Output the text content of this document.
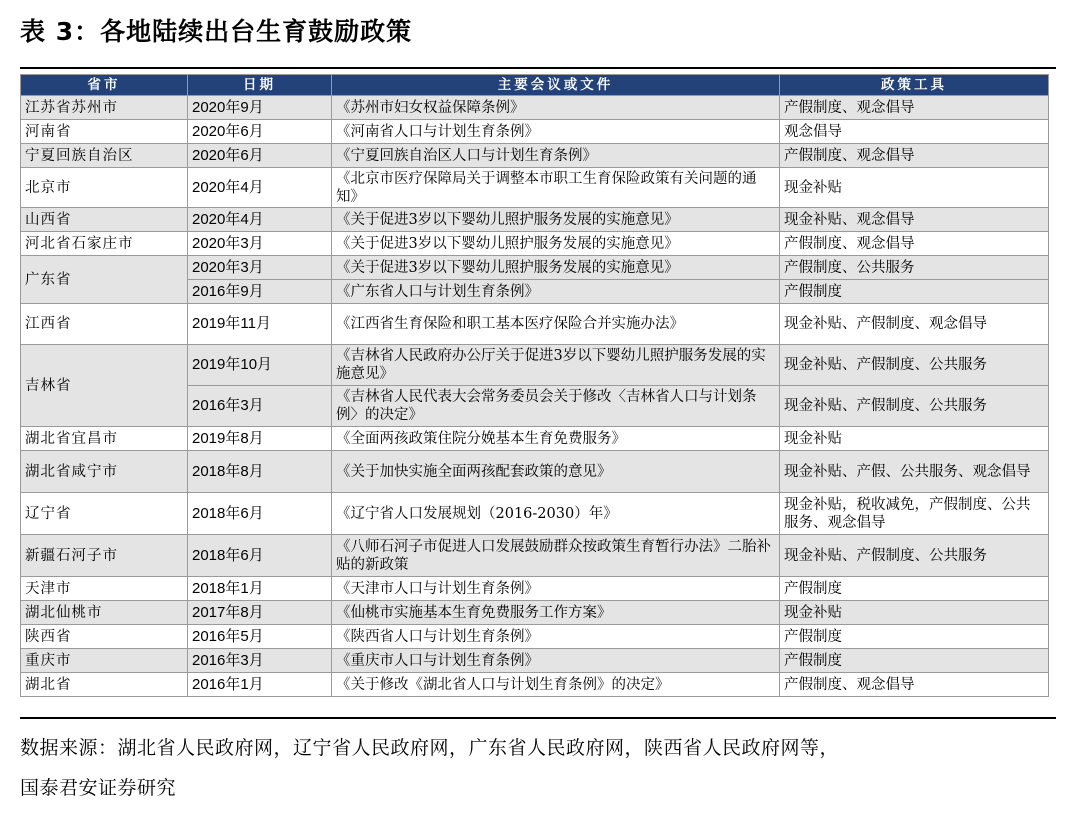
表 3：各地陆续出台生育鼓励政策
省市	日期	主要会议或文件	政策工具
江苏省苏州市	2020年9月	《苏州市妇女权益保障条例》	产假制度、观念倡导
河南省	2020年6月	《河南省人口与计划生育条例》	观念倡导
宁夏回族自治区	2020年6月	《宁夏回族自治区人口与计划生育条例》	产假制度、观念倡导
北京市	2020年4月	《北京市医疗保障局关于调整本市职工生育保险政策有关问题的通知》	现金补贴
山西省	2020年4月	《关于促进3岁以下婴幼儿照护服务发展的实施意见》	现金补贴、观念倡导
河北省石家庄市	2020年3月	《关于促进3岁以下婴幼儿照护服务发展的实施意见》	产假制度、观念倡导
广东省	2020年3月	《关于促进3岁以下婴幼儿照护服务发展的实施意见》	产假制度、公共服务
	2016年9月	《广东省人口与计划生育条例》	产假制度
江西省	2019年11月	《江西省生育保险和职工基本医疗保险合并实施办法》	现金补贴、产假制度、观念倡导
吉林省	2019年10月	《吉林省人民政府办公厅关于促进3岁以下婴幼儿照护服务发展的实施意见》	现金补贴、产假制度、公共服务
	2016年3月	《吉林省人民代表大会常务委员会关于修改〈吉林省人口与计划条例〉的决定》	现金补贴、产假制度、公共服务
湖北省宜昌市	2019年8月	《全面两孩政策住院分娩基本生育免费服务》	现金补贴
湖北省咸宁市	2018年8月	《关于加快实施全面两孩配套政策的意见》	现金补贴、产假、公共服务、观念倡导
辽宁省	2018年6月	《辽宁省人口发展规划（2016-2030）年》	现金补贴，税收减免，产假制度、公共服务、观念倡导
新疆石河子市	2018年6月	《八师石河子市促进人口发展鼓励群众按政策生育暂行办法》二胎补贴的新政策	现金补贴、产假制度、公共服务
天津市	2018年1月	《天津市人口与计划生育条例》	产假制度
湖北仙桃市	2017年8月	《仙桃市实施基本生育免费服务工作方案》	现金补贴
陕西省	2016年5月	《陕西省人口与计划生育条例》	产假制度
重庆市	2016年3月	《重庆市人口与计划生育条例》	产假制度
湖北省	2016年1月	《关于修改《湖北省人口与计划生育条例》的决定》	产假制度、观念倡导
数据来源：湖北省人民政府网，辽宁省人民政府网，广东省人民政府网，陕西省人民政府网等，
国泰君安证券研究
